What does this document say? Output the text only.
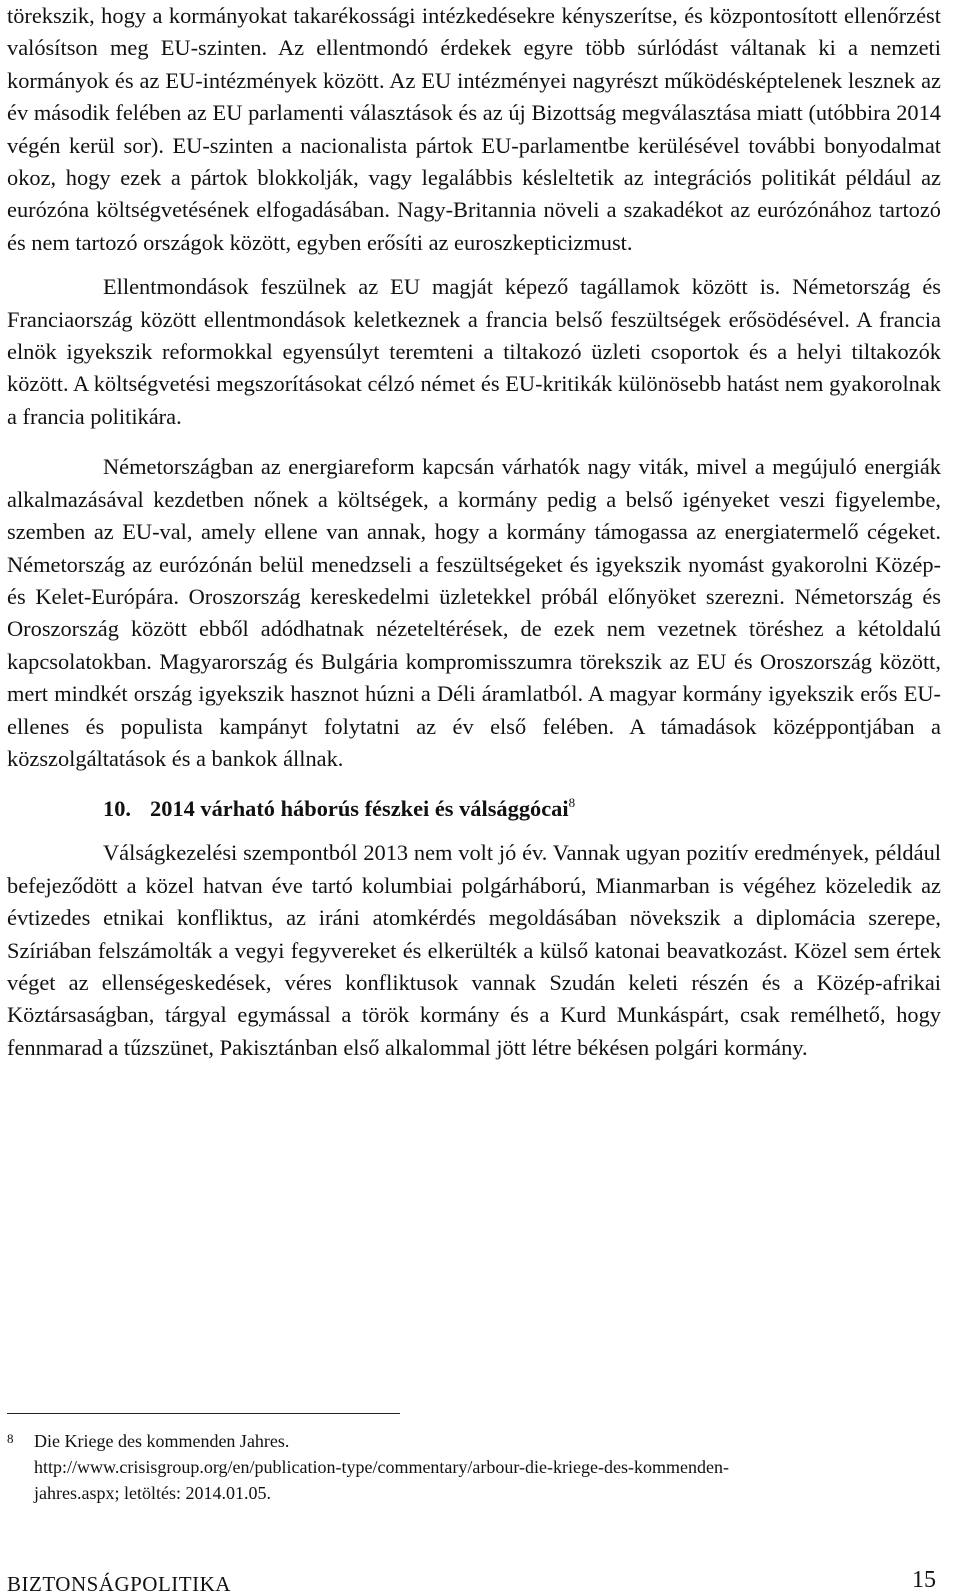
törekszik, hogy a kormányokat takarékossági intézkedésekre kényszerítse, és központosított ellenőrzést valósítson meg EU-szinten. Az ellentmondó érdekek egyre több súrlódást váltanak ki a nemzeti kormányok és az EU-intézmények között. Az EU intézményei nagyrészt működésképtelenek lesznek az év második felében az EU parlamenti választások és az új Bizottság megválasztása miatt (utóbbira 2014 végén kerül sor). EU-szinten a nacionalista pártok EU-parlamentbe kerülésével további bonyodalmat okoz, hogy ezek a pártok blokkolják, vagy legalábbis késleltetik az integrációs politikát például az eurózóna költségvetésének elfogadásában. Nagy-Britannia növeli a szakadékot az eurózónához tartozó és nem tartozó országok között, egyben erősíti az euroszkepticizmust.

Ellentmondások feszülnek az EU magját képező tagállamok között is. Németország és Franciaország között ellentmondások keletkeznek a francia belső feszültségek erősödésével. A francia elnök igyekszik reformokkal egyensúlyt teremteni a tiltakozó üzleti csoportok és a helyi tiltakozók között. A költségvetési megszorításokat célzó német és EU-kritikák különösebb hatást nem gyakorolnak a francia politikára.

Németországban az energiareform kapcsán várhatók nagy viták, mivel a megújuló energiák alkalmazásával kezdetben nőnek a költségek, a kormány pedig a belső igényeket veszi figyelembe, szemben az EU-val, amely ellene van annak, hogy a kormány támogassa az energiatermelő cégeket. Németország az eurózónán belül menedzseli a feszültségeket és igyekszik nyomást gyakorolni Közép- és Kelet-Európára. Oroszország kereskedelmi üzletekkel próbál előnyöket szerezni. Németország és Oroszország között ebből adódhatnak nézeteltérések, de ezek nem vezetnek töréshez a kétoldalú kapcsolatokban. Magyarország és Bulgária kompromisszumra törekszik az EU és Oroszország között, mert mindkét ország igyekszik hasznot húzni a Déli áramlatból. A magyar kormány igyekszik erős EU-ellenes és populista kampányt folytatni az év első felében. A támadások középpontjában a közszolgáltatások és a bankok állnak.

10. 2014 várható háborús fészkei és válsággócai$^8$

Válságkezelési szempontból 2013 nem volt jó év. Vannak ugyan pozitív eredmények, például befejeződött a közel hatvan éve tartó kolumbiai polgárháború, Mianmarban is végéhez közeledik az évtizedes etnikai konfliktus, az iráni atomkérdés megoldásában növekszik a diplomácia szerepe, Szíriában felszámolták a vegyi fegyvereket és elkerülték a külső katonai beavatkozást. Közel sem értek véget az ellenségeskedések, véres konfliktusok vannak Szudán keleti részén és a Közép-afrikai Köztársaságban, tárgyal egymással a török kormány és a Kurd Munkáspárt, csak remélhető, hogy fennmarad a tűzszünet, Pakisztánban első alkalommal jött létre békésen polgári kormány.

8 Die Kriege des kommenden Jahres.
http://www.crisisgroup.org/en/publication-type/commentary/arbour-die-kriege-des-kommenden-
jahres.aspx; letöltés: 2014.01.05.
BIZTONSÁGPOLITIKA	15
